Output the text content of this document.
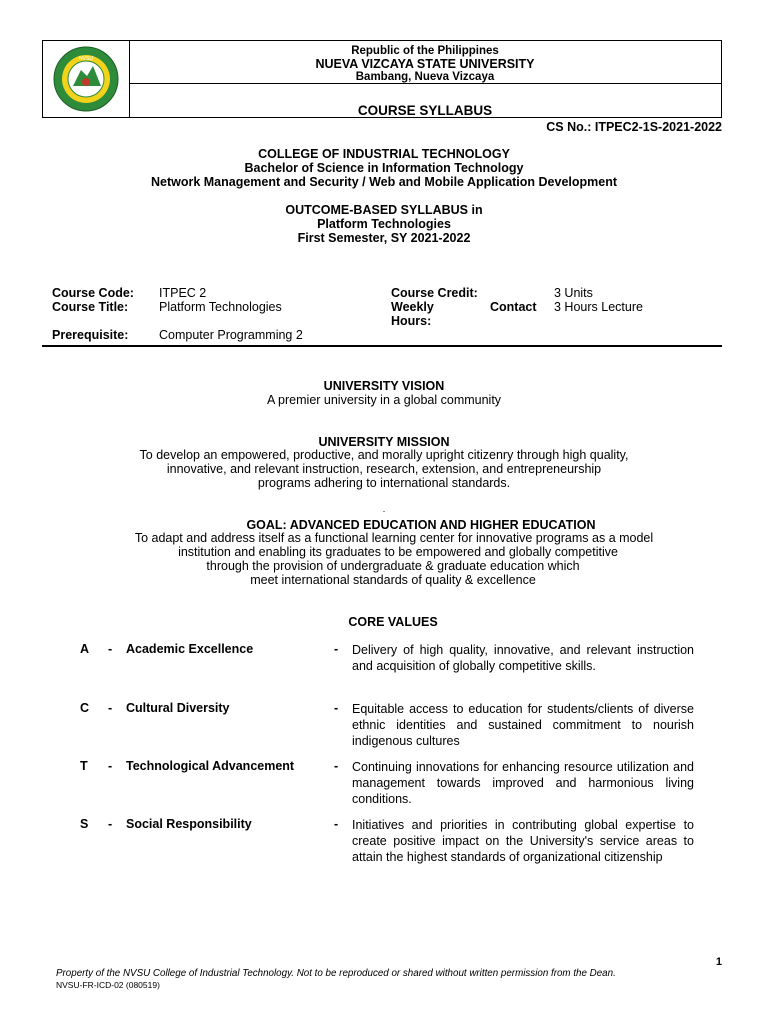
NVSU
Republic of the Philippines
NUEVA VIZCAYA STATE UNIVERSITY
Bambang, Nueva Vizcaya
COURSE SYLLABUS
CS No.: ITPEC2-1S-2021-2022
COLLEGE OF INDUSTRIAL TECHNOLOGY
Bachelor of Science in Information Technology
Network Management and Security / Web and Mobile Application Development
OUTCOME-BASED SYLLABUS in
Platform Technologies
First Semester, SY 2021-2022
Course Code: ITPEC 2
Course Title: Platform Technologies
Prerequisite: Computer Programming 2
Course Credit:	3 Units
Weekly	Contact
Hours:
3 Hours Lecture
UNIVERSITY VISION
A premier university in a global community
UNIVERSITY MISSION
To develop an empowered, productive, and morally upright citizenry through high quality,
innovative, and relevant instruction, research, extension, and entrepreneurship
programs adhering to international standards.
.
GOAL: ADVANCED EDUCATION AND HIGHER EDUCATION
To adapt and address itself as a functional learning center for innovative programs as a model
institution and enabling its graduates to be empowered and globally competitive
through the provision of undergraduate & graduate education which
meet international standards of quality & excellence
CORE VALUES
A - Academic Excellence	- Delivery of high quality, innovative, and relevant instruction and acquisition of globally competitive skills.
C - Cultural Diversity	- Equitable access to education for students/clients of diverse ethnic identities and sustained commitment to nourish indigenous cultures
T - Technological Advancement	- Continuing innovations for enhancing resource utilization and management towards improved and harmonious living conditions.
S - Social Responsibility	- Initiatives and priorities in contributing global expertise to create positive impact on the University's service areas to attain the highest standards of organizational citizenship
1
Property of the NVSU College of Industrial Technology. Not to be reproduced or shared without written permission from the Dean.
NVSU-FR-ICD-02 (080519)
